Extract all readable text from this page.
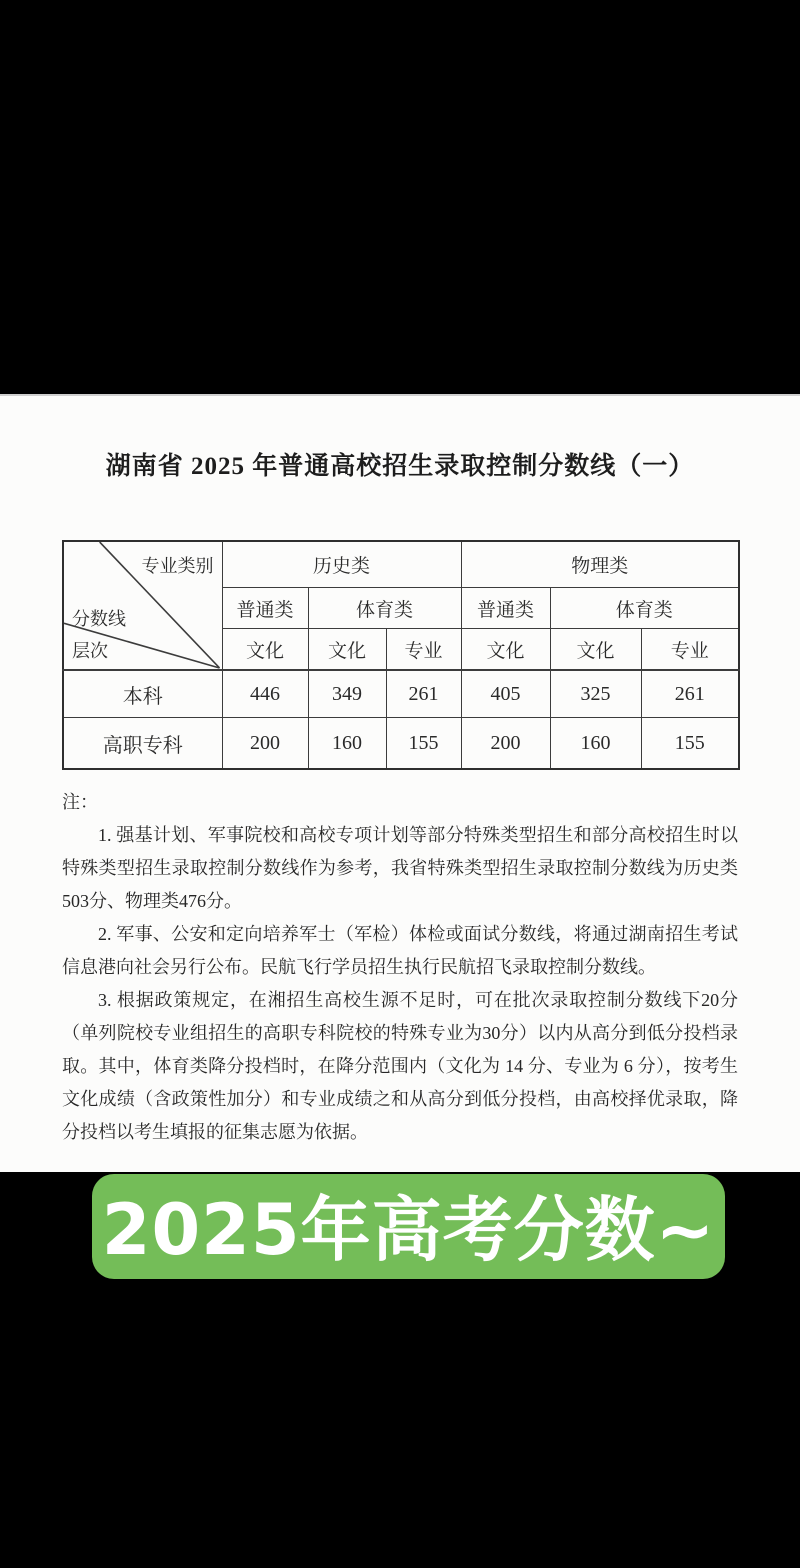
湖南省 2025 年普通高校招生录取控制分数线（一）
专业类别
分数线
层次	历史类			物理类		
	普通类	体育类		普通类	体育类	
	文化	文化	专业	文化	文化	专业
本科	446	349	261	405	325	261
高职专科	200	160	155	200	160	155
注：

1. 强基计划、军事院校和高校专项计划等部分特殊类型招生和部分高校招生时以特殊类型招生录取控制分数线作为参考，我省特殊类型招生录取控制分数线为历史类503分、物理类476分。

2. 军事、公安和定向培养军士（军检）体检或面试分数线，将通过湖南招生考试信息港向社会另行公布。民航飞行学员招生执行民航招飞录取控制分数线。

3. 根据政策规定，在湘招生高校生源不足时，可在批次录取控制分数线下20分（单列院校专业组招生的高职专科院校的特殊专业为30分）以内从高分到低分投档录取。其中，体育类降分投档时，在降分范围内（文化为 14 分、专业为 6 分），按考生文化成绩（含政策性加分）和专业成绩之和从高分到低分投档，由高校择优录取，降分投档以考生填报的征集志愿为依据。

2025年高考分数~
